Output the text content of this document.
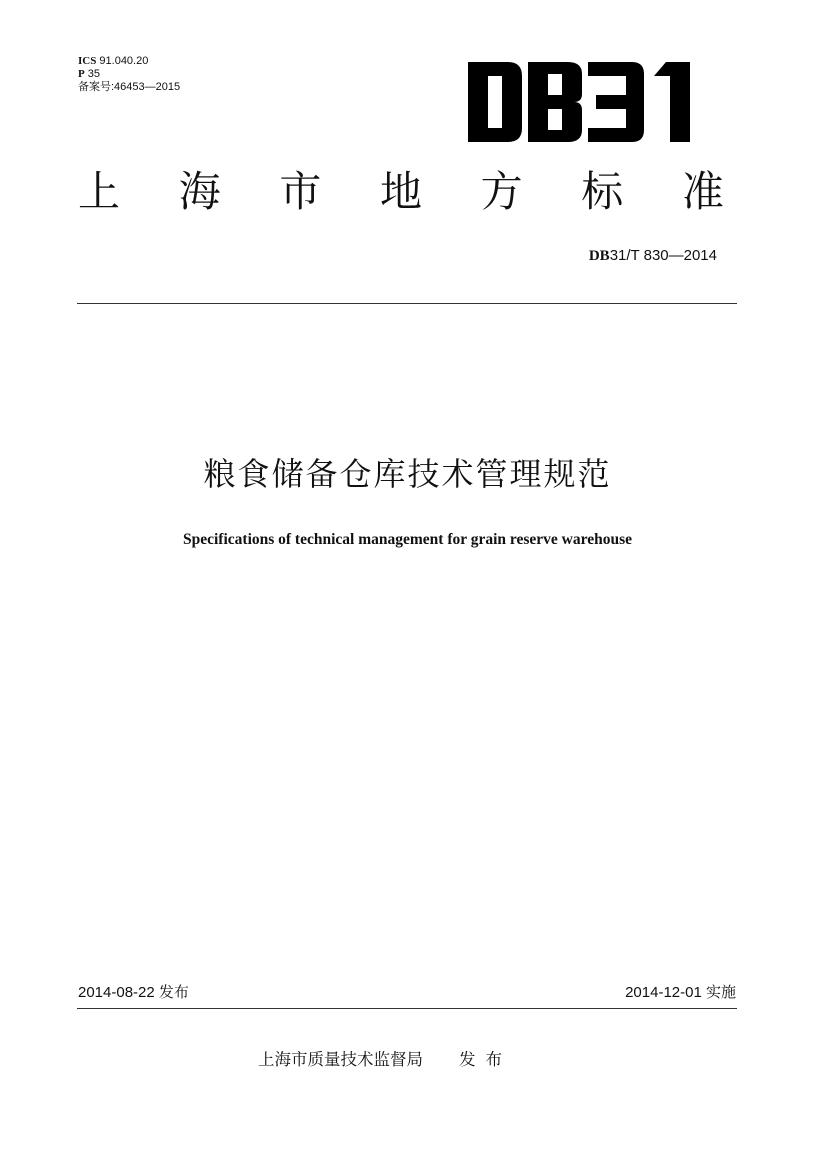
ICS 91.040.20
P 35
备案号:46453—2015
上 海 市 地 方 标 准
DB31/T 830—2014
粮食储备仓库技术管理规范
Specifications of technical management for grain reserve warehouse
2014-08-22 发布	2014-12-01 实施
上海市质量技术监督局 发布
